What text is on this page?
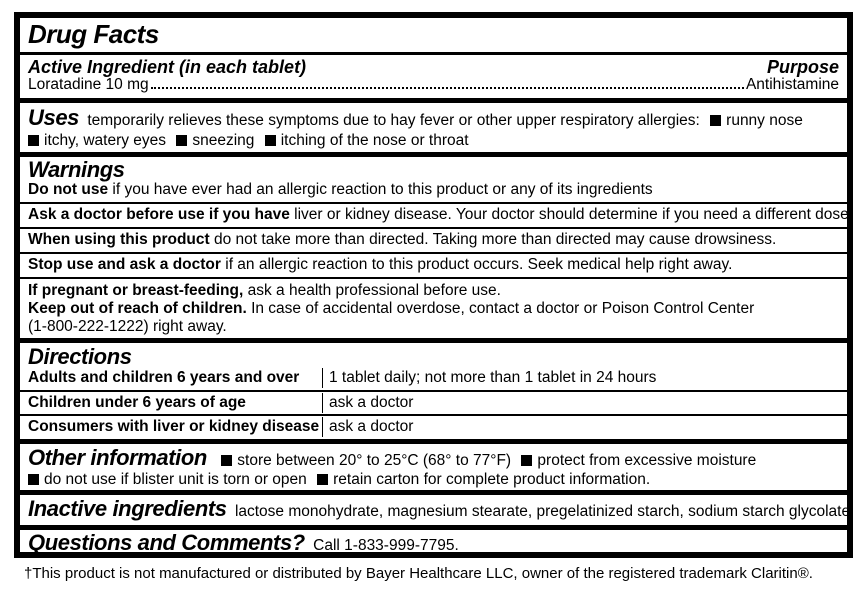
Drug Facts
Active Ingredient (in each tablet)	Purpose
Loratadine 10 mg	Antihistamine
Uses temporarily relieves these symptoms due to hay fever or other upper respiratory allergies: runny nose
itchy, watery eyes sneezing itching of the nose or throat
Warnings
Do not use if you have ever had an allergic reaction to this product or any of its ingredients
Ask a doctor before use if you have liver or kidney disease. Your doctor should determine if you need a different dose.
When using this product do not take more than directed. Taking more than directed may cause drowsiness.
Stop use and ask a doctor if an allergic reaction to this product occurs. Seek medical help right away.
If pregnant or breast-feeding, ask a health professional before use.
Keep out of reach of children. In case of accidental overdose, contact a doctor or Poison Control Center
(1-800-222-1222) right away.
Directions
Adults and children 6 years and over	1 tablet daily; not more than 1 tablet in 24 hours
Children under 6 years of age	ask a doctor
Consumers with liver or kidney disease ask a doctor
Other information store between 20° to 25°C (68° to 77°F) protect from excessive moisture
do not use if blister unit is torn or open retain carton for complete product information.
Inactive ingredients lactose monohydrate, magnesium stearate, pregelatinized starch, sodium starch glycolate.
Questions and Comments? Call 1-833-999-7795.
†This product is not manufactured or distributed by Bayer Healthcare LLC, owner of the registered trademark Claritin®.
